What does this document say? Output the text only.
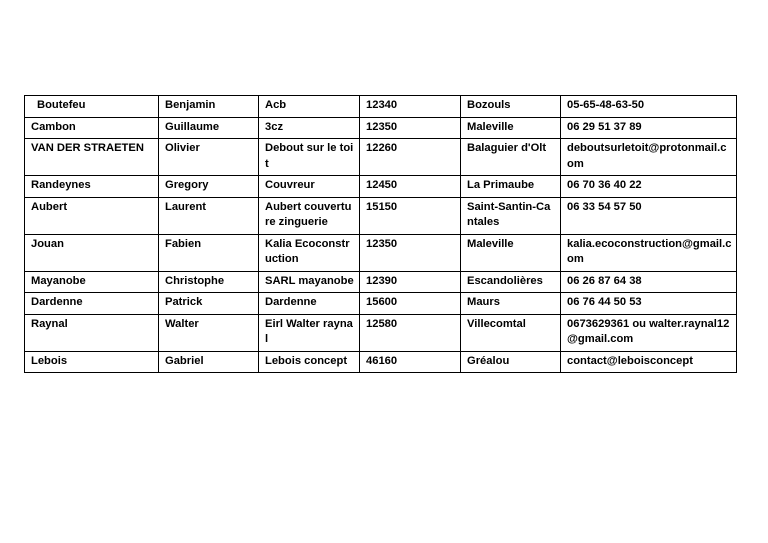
Boutefeu	Benjamin	Acb	12340	Bozouls	05-65-48-63-50
Cambon	Guillaume	3cz	12350	Maleville	06 29 51 37 89
VAN DER STRAETEN	Olivier	Debout sur le toit	12260	Balaguier d'Olt	deboutsurletoit@protonmail.com
Randeynes	Gregory	Couvreur	12450	La Primaube	06 70 36 40 22
Aubert	Laurent	Aubert couverture zinguerie	15150	Saint-Santin-Cantales	06 33 54 57 50
Jouan	Fabien	Kalia Ecoconstruction	12350	Maleville	kalia.ecoconstruction@gmail.com
Mayanobe	Christophe	SARL mayanobe	12390	Escandolières	06 26 87 64 38
Dardenne	Patrick	Dardenne	15600	Maurs	06 76 44 50 53
Raynal	Walter	Eirl Walter raynal	12580	Villecomtal	0673629361 ou walter.raynal12@gmail.com
Lebois	Gabriel	Lebois concept	46160	Gréalou	contact@leboisconcept
